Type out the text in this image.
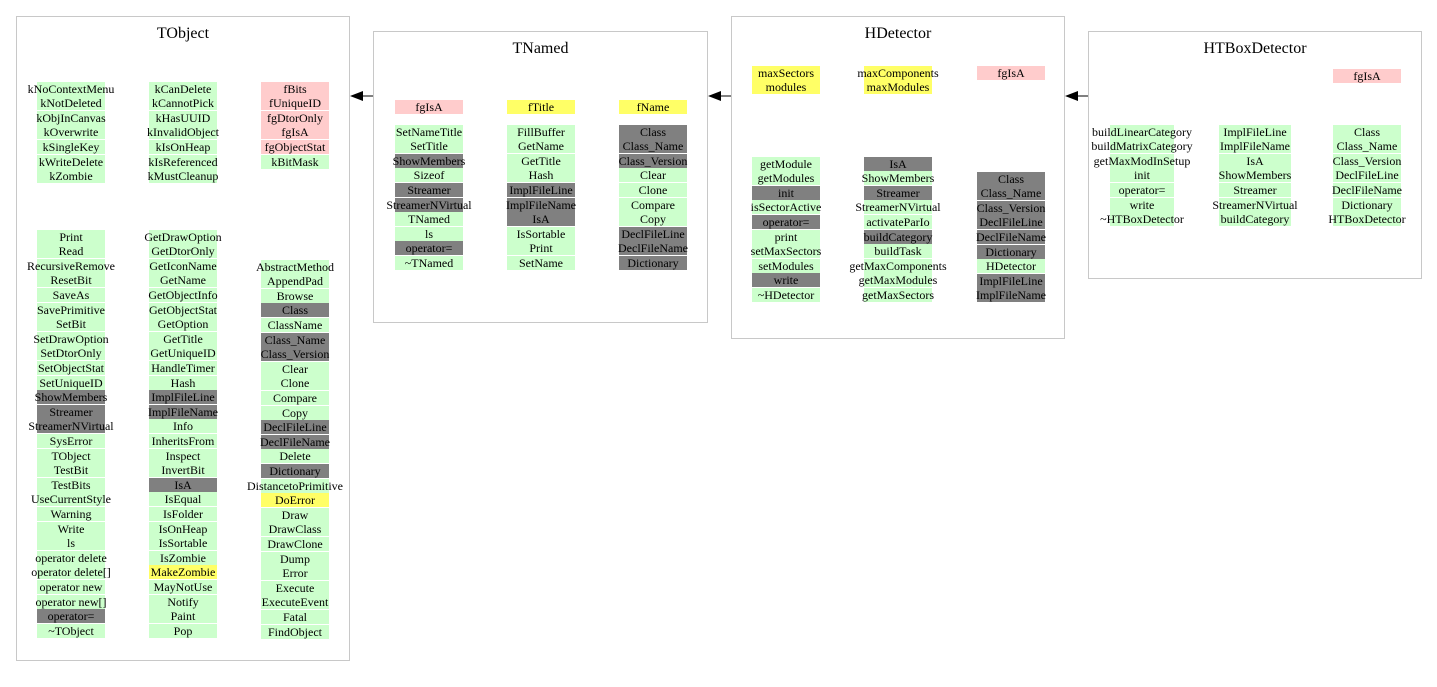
TObject
kNoContextMenu
kNotDeleted
kObjInCanvas
kOverwrite
kSingleKey
kWriteDelete
kZombie
Print
Read
RecursiveRemove
ResetBit
SaveAs
SavePrimitive
SetBit
SetDrawOption
SetDtorOnly
SetObjectStat
SetUniqueID
ShowMembers
Streamer
StreamerNVirtual
SysError
TObject
TestBit
TestBits
UseCurrentStyle
Warning
Write
ls
operator delete
operator delete[]
operator new
operator new[]
operator=
~TObject
kCanDelete
kCannotPick
kHasUUID
kInvalidObject
kIsOnHeap
kIsReferenced
kMustCleanup
GetDrawOption
GetDtorOnly
GetIconName
GetName
GetObjectInfo
GetObjectStat
GetOption
GetTitle
GetUniqueID
HandleTimer
Hash
ImplFileLine
ImplFileName
Info
InheritsFrom
Inspect
InvertBit
IsA
IsEqual
IsFolder
IsOnHeap
IsSortable
IsZombie
MakeZombie
MayNotUse
Notify
Paint
Pop
fBits
fUniqueID
fgDtorOnly
fgIsA
fgObjectStat
kBitMask
AbstractMethod
AppendPad
Browse
Class
ClassName
Class_Name
Class_Version
Clear
Clone
Compare
Copy
DeclFileLine
DeclFileName
Delete
Dictionary
DistancetoPrimitive
DoError
Draw
DrawClass
DrawClone
Dump
Error
Execute
ExecuteEvent
Fatal
FindObject
TNamed
fgIsA
SetNameTitle
SetTitle
ShowMembers
Sizeof
Streamer
StreamerNVirtual
TNamed
ls
operator=
~TNamed
fTitle
FillBuffer
GetName
GetTitle
Hash
ImplFileLine
ImplFileName
IsA
IsSortable
Print
SetName
fName
Class
Class_Name
Class_Version
Clear
Clone
Compare
Copy
DeclFileLine
DeclFileName
Dictionary
HDetector
maxSectors
modules
getModule
getModules
init
isSectorActive
operator=
print
setMaxSectors
setModules
write
~HDetector
maxComponents
maxModules
IsA
ShowMembers
Streamer
StreamerNVirtual
activateParIo
buildCategory
buildTask
getMaxComponents
getMaxModules
getMaxSectors
fgIsA
Class
Class_Name
Class_Version
DeclFileLine
DeclFileName
Dictionary
HDetector
ImplFileLine
ImplFileName
HTBoxDetector
buildLinearCategory
buildMatrixCategory
getMaxModInSetup
init
operator=
write
~HTBoxDetector
ImplFileLine
ImplFileName
IsA
ShowMembers
Streamer
StreamerNVirtual
buildCategory
fgIsA
Class
Class_Name
Class_Version
DeclFileLine
DeclFileName
Dictionary
HTBoxDetector
